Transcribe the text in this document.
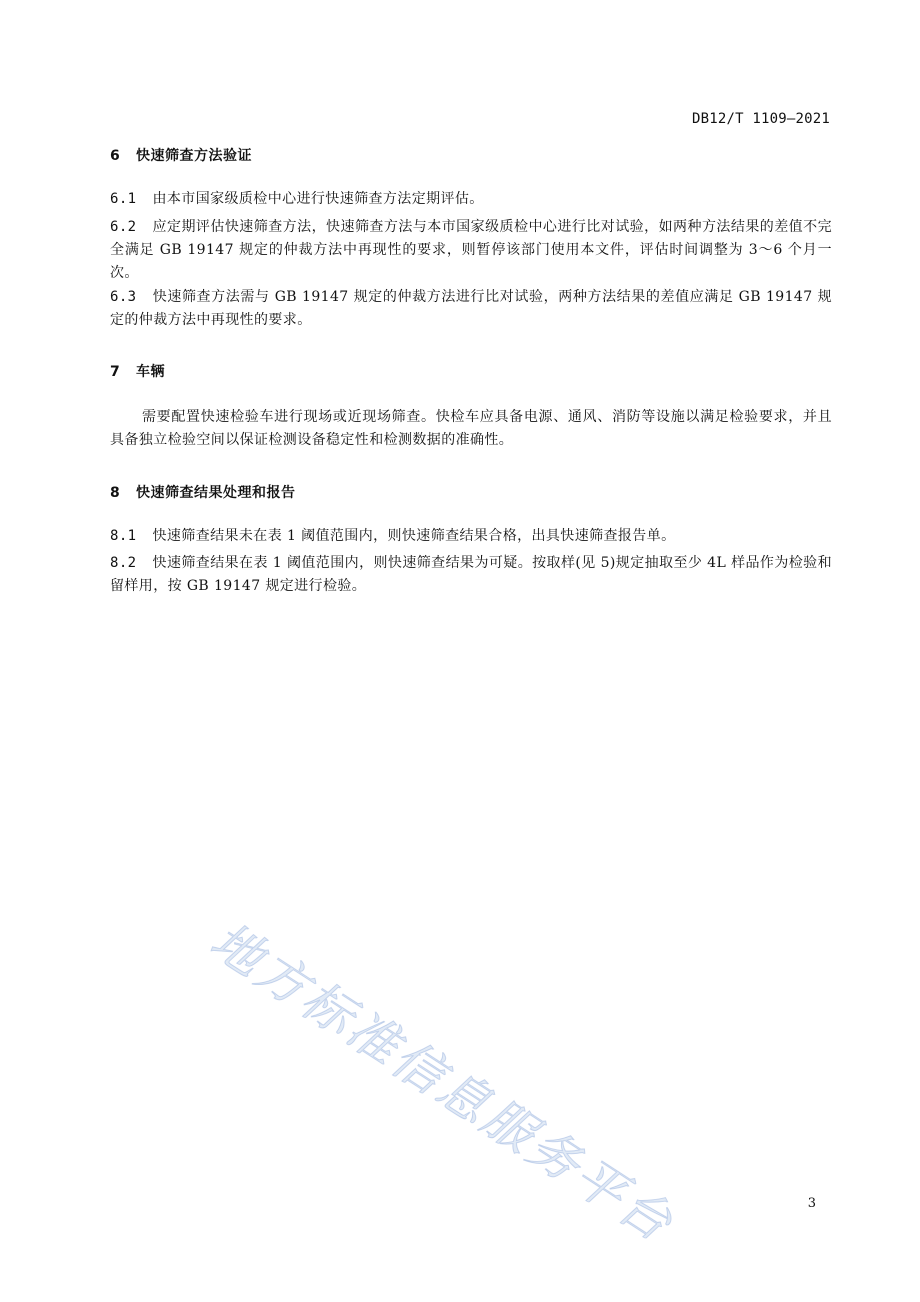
DB12/T 1109—2021
6 快速筛查方法验证
6.1 由本市国家级质检中心进行快速筛查方法定期评估。
6.2 应定期评估快速筛查方法，快速筛查方法与本市国家级质检中心进行比对试验，如两种方法结果的差值不完全满足 GB 19147 规定的仲裁方法中再现性的要求，则暂停该部门使用本文件，评估时间调整为 3～6 个月一次。
6.3 快速筛查方法需与 GB 19147 规定的仲裁方法进行比对试验，两种方法结果的差值应满足 GB 19147 规定的仲裁方法中再现性的要求。
7 车辆
需要配置快速检验车进行现场或近现场筛查。快检车应具备电源、通风、消防等设施以满足检验要求，并且具备独立检验空间以保证检测设备稳定性和检测数据的准确性。
8 快速筛查结果处理和报告
8.1 快速筛查结果未在表 1 阈值范围内，则快速筛查结果合格，出具快速筛查报告单。
8.2 快速筛查结果在表 1 阈值范围内，则快速筛查结果为可疑。按取样(见 5)规定抽取至少 4L 样品作为检验和留样用，按 GB 19147 规定进行检验。
地方标准信息服务平台	3
